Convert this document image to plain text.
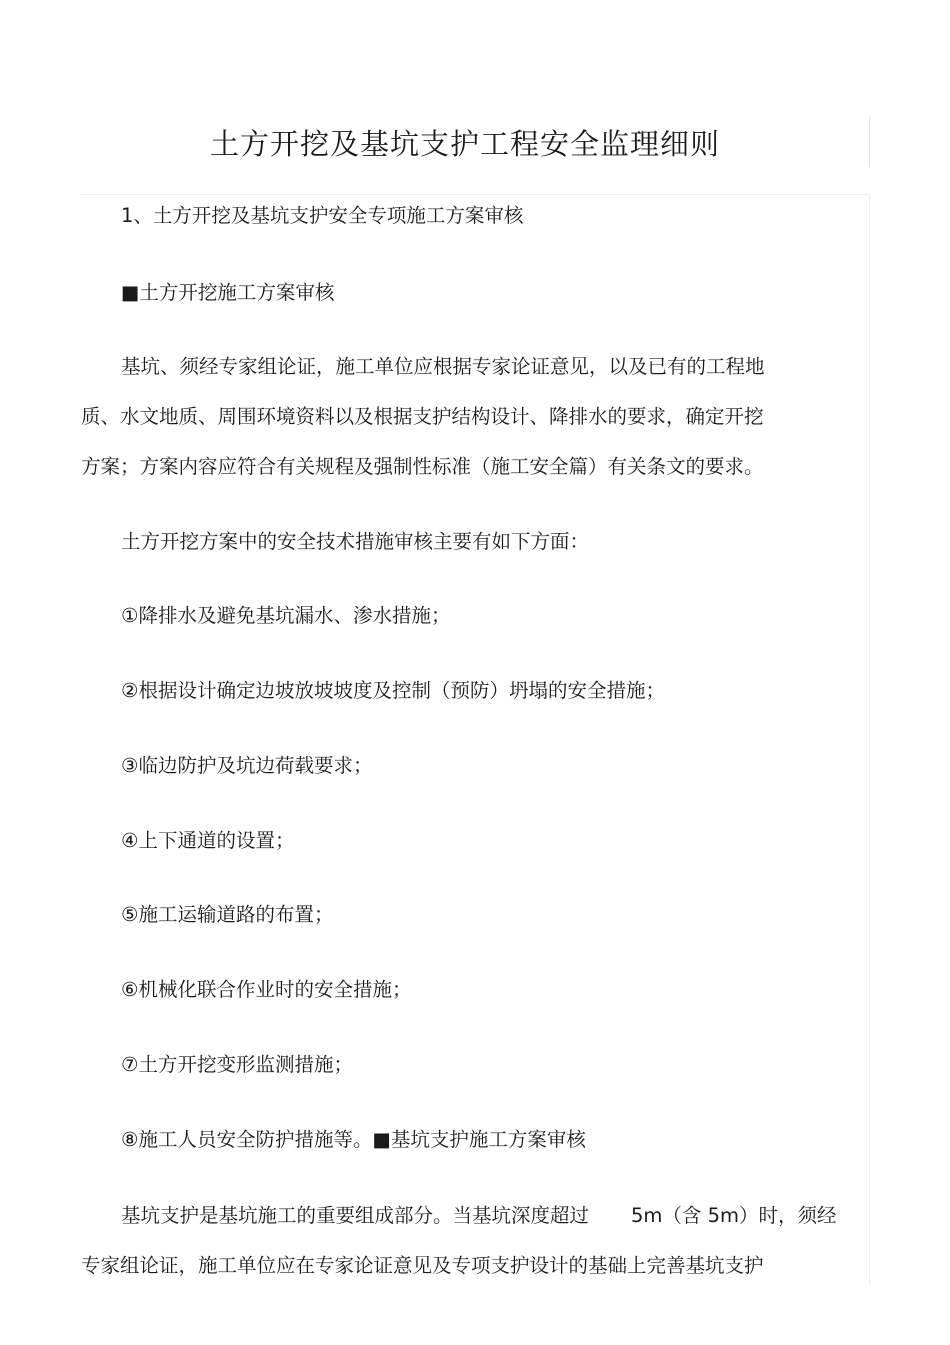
土方开挖及基坑支护工程安全监理细则
1、土方开挖及基坑支护安全专项施工方案审核
■土方开挖施工方案审核
基坑、须经专家组论证，施工单位应根据专家论证意见，以及已有的工程地
质、水文地质、周围环境资料以及根据支护结构设计、降排水的要求，确定开挖
方案；方案内容应符合有关规程及强制性标准（施工安全篇）有关条文的要求。
土方开挖方案中的安全技术措施审核主要有如下方面：
①降排水及避免基坑漏水、渗水措施；
②根据设计确定边坡放坡坡度及控制（预防）坍塌的安全措施；
③临边防护及坑边荷载要求；
④上下通道的设置；
⑤施工运输道路的布置；
⑥机械化联合作业时的安全措施；
⑦土方开挖变形监测措施；
⑧施工人员安全防护措施等。■基坑支护施工方案审核
基坑支护是基坑施工的重要组成部分。当基坑深度超过 5m（含 5m）时，须经
专家组论证，施工单位应在专家论证意见及专项支护设计的基础上完善基坑支护
